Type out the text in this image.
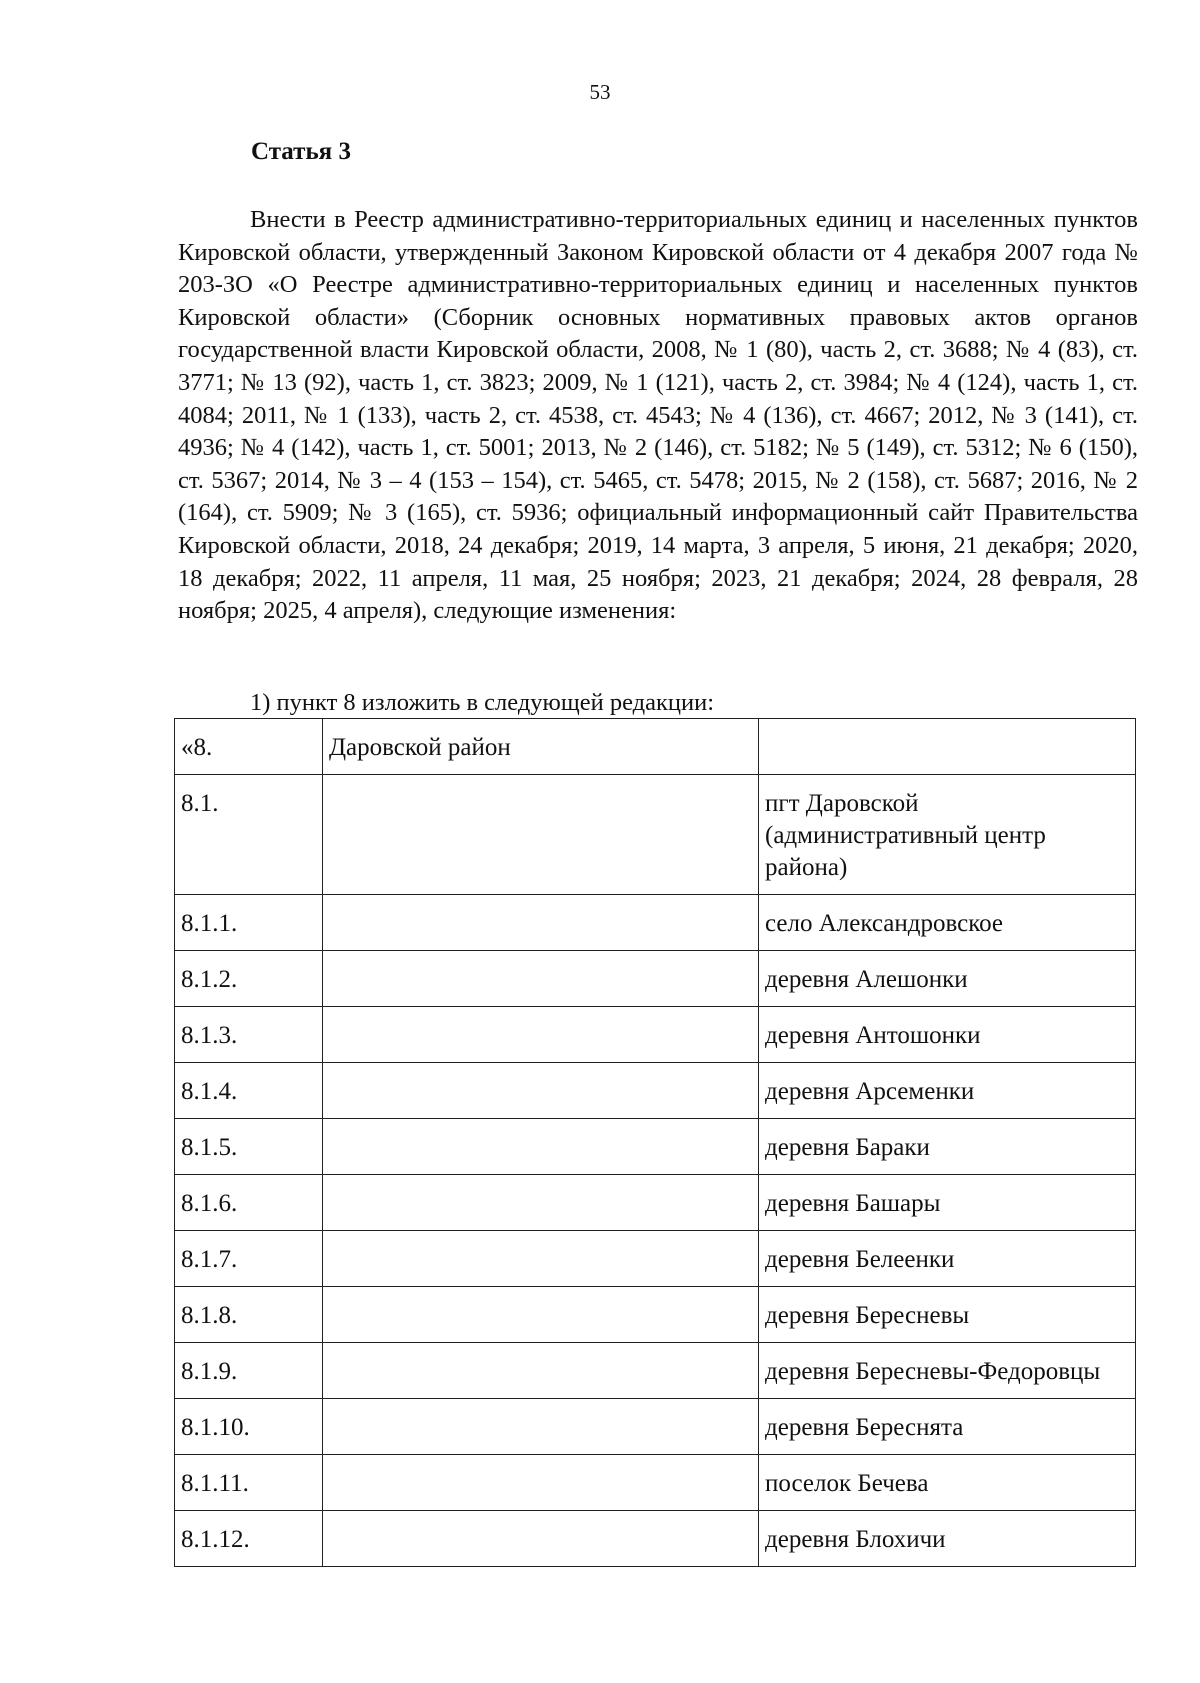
53
Статья 3

Внести в Реестр административно-территориальных единиц и населенных пунктов Кировской области, утвержденный Законом Кировской области от 4 декабря 2007 года № 203-ЗО «О Реестре административно-территориальных единиц и населенных пунктов Кировской области» (Сборник основных нормативных правовых актов органов государственной власти Кировской области, 2008, № 1 (80), часть 2, ст. 3688; № 4 (83), ст. 3771; № 13 (92), часть 1, ст. 3823; 2009, № 1 (121), часть 2, ст. 3984; № 4 (124), часть 1, ст. 4084; 2011, № 1 (133), часть 2, ст. 4538, ст. 4543; № 4 (136), ст. 4667; 2012, № 3 (141), ст. 4936; № 4 (142), часть 1, ст. 5001; 2013, № 2 (146), ст. 5182; № 5 (149), ст. 5312; № 6 (150), ст. 5367; 2014, № 3 – 4 (153 – 154), ст. 5465, ст. 5478; 2015, № 2 (158), ст. 5687; 2016, № 2 (164), ст. 5909; № 3 (165), ст. 5936; официальный информационный сайт Правительства Кировской области, 2018, 24 декабря; 2019, 14 марта, 3 апреля, 5 июня, 21 декабря; 2020, 18 декабря; 2022, 11 апреля, 11 мая, 25 ноября; 2023, 21 декабря; 2024, 28 февраля, 28 ноября; 2025, 4 апреля), следующие изменения:

1) пункт 8 изложить в следующей редакции:
«8.	Даровской район	
8.1.		пгт Даровской (административный центр района)
8.1.1.		село Александровское
8.1.2.		деревня Алешонки
8.1.3.		деревня Антошонки
8.1.4.		деревня Арсеменки
8.1.5.		деревня Бараки
8.1.6.		деревня Башары
8.1.7.		деревня Белеенки
8.1.8.		деревня Бересневы
8.1.9.		деревня Бересневы-Федоровцы
8.1.10.		деревня Береснята
8.1.11.		поселок Бечева
8.1.12.		деревня Блохичи
